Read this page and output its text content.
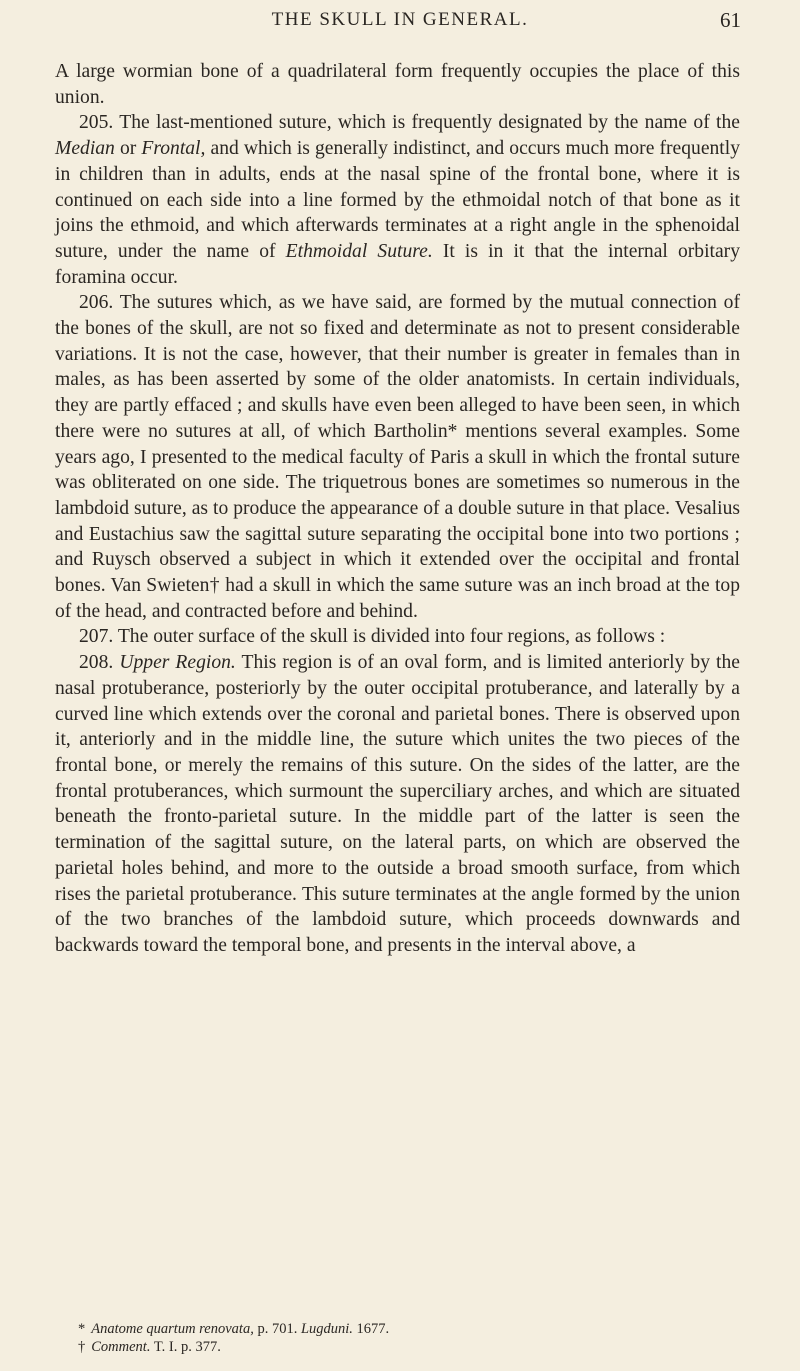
THE SKULL IN GENERAL.	61

A large wormian bone of a quadrilateral form frequently occupies the place of this union.

205. The last-mentioned suture, which is frequently designated by the name of the Median or Frontal, and which is generally indistinct, and occurs much more frequently in children than in adults, ends at the nasal spine of the frontal bone, where it is continued on each side into a line formed by the ethmoidal notch of that bone as it joins the ethmoid, and which afterwards terminates at a right angle in the sphenoidal suture, under the name of Ethmoidal Suture. It is in it that the internal orbitary foramina occur.

206. The sutures which, as we have said, are formed by the mutual connection of the bones of the skull, are not so fixed and determinate as not to present considerable variations. It is not the case, however, that their number is greater in females than in males, as has been asserted by some of the older anatomists. In certain individuals, they are partly effaced ; and skulls have even been alleged to have been seen, in which there were no sutures at all, of which Bartholin* mentions several examples. Some years ago, I presented to the medical faculty of Paris a skull in which the frontal suture was obliterated on one side. The triquetrous bones are sometimes so numerous in the lambdoid suture, as to produce the appearance of a double suture in that place. Vesalius and Eustachius saw the sagittal suture separating the occipital bone into two portions ; and Ruysch observed a subject in which it extended over the occipital and frontal bones. Van Swieten† had a skull in which the same suture was an inch broad at the top of the head, and contracted before and behind.

207. The outer surface of the skull is divided into four regions, as follows :

208. Upper Region. This region is of an oval form, and is limited anteriorly by the nasal protuberance, posteriorly by the outer occipital protuberance, and laterally by a curved line which extends over the coronal and parietal bones. There is observed upon it, anteriorly and in the middle line, the suture which unites the two pieces of the frontal bone, or merely the remains of this suture. On the sides of the latter, are the frontal protuberances, which surmount the superciliary arches, and which are situated beneath the fronto-parietal suture. In the middle part of the latter is seen the termination of the sagittal suture, on the lateral parts, on which are observed the parietal holes behind, and more to the outside a broad smooth surface, from which rises the parietal protuberance. This suture terminates at the angle formed by the union of the two branches of the lambdoid suture, which proceeds downwards and backwards toward the temporal bone, and presents in the interval above, a

* Anatome quartum renovata, p. 701. Lugduni. 1677.

† Comment. T. I. p. 377.
